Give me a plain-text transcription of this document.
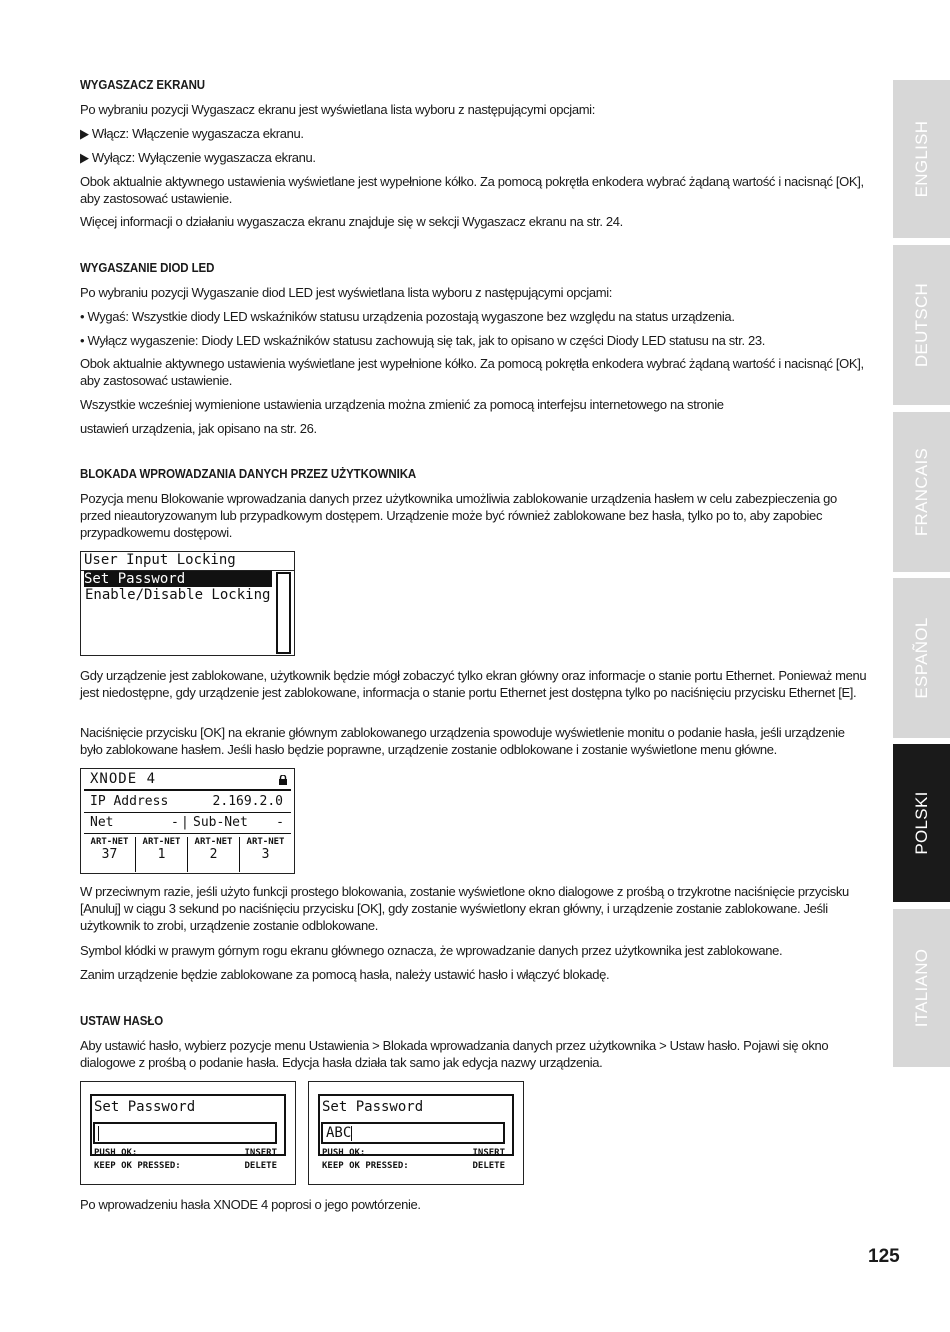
WYGASZACZ EKRANU

Po wybraniu pozycji Wygaszacz ekranu jest wyświetlana lista wyboru z następującymi opcjami:

▶ Włącz: Włączenie wygaszacza ekranu.

▶ Wyłącz: Wyłączenie wygaszacza ekranu.

Obok aktualnie aktywnego ustawienia wyświetlane jest wypełnione kółko. Za pomocą pokrętła enkodera wybrać żądaną wartość i nacisnąć [OK], aby zastosować ustawienie.

Więcej informacji o działaniu wygaszacza ekranu znajduje się w sekcji Wygaszacz ekranu na str. 24.

WYGASZANIE DIOD LED

Po wybraniu pozycji Wygaszanie diod LED jest wyświetlana lista wyboru z następującymi opcjami:

• Wygaś: Wszystkie diody LED wskaźników statusu urządzenia pozostają wygaszone bez względu na status urządzenia.

• Wyłącz wygaszenie: Diody LED wskaźników statusu zachowują się tak, jak to opisano w części Diody LED statusu na str. 23.

Obok aktualnie aktywnego ustawienia wyświetlane jest wypełnione kółko. Za pomocą pokrętła enkodera wybrać żądaną wartość i nacisnąć [OK], aby zastosować ustawienie.

Wszystkie wcześniej wymienione ustawienia urządzenia można zmienić za pomocą interfejsu internetowego na stronie

ustawień urządzenia, jak opisano na str. 26.

BLOKADA WPROWADZANIA DANYCH PRZEZ UŻYTKOWNIKA

Pozycja menu Blokowanie wprowadzania danych przez użytkownika umożliwia zablokowanie urządzenia hasłem w celu zabezpieczenia go przed nieautoryzowanym lub przypadkowym dostępem. Urządzenie może być również zablokowane bez hasła, tylko po to, aby zapobiec przypadkowemu dostępowi.

User Input Locking
Set Password
Enable/Disable Locking

Gdy urządzenie jest zablokowane, użytkownik będzie mógł zobaczyć tylko ekran główny oraz informacje o stanie portu Ethernet. Ponieważ menu jest niedostępne, gdy urządzenie jest zablokowane, informacja o stanie portu Ethernet jest dostępna tylko po naciśnięciu przycisku Ethernet [E].

Naciśnięcie przycisku [OK] na ekranie głównym zablokowanego urządzenia spowoduje wyświetlenie monitu o podanie hasła, jeśli urządzenie było zablokowane hasłem. Jeśli hasło będzie poprawne, urządzenie zostanie odblokowane i zostanie wyświetlone menu główne.

XNODE 4
IP Address	2.169.2.0
Net	- | Sub-Net -
ART-NET
37
ART-NET
1
ART-NET
2
ART-NET
3

W przeciwnym razie, jeśli użyto funkcji prostego blokowania, zostanie wyświetlone okno dialogowe z prośbą o trzykrotne naciśnięcie przycisku [Anuluj] w ciągu 3 sekund po naciśnięciu przycisku [OK], gdy zostanie wyświetlony ekran główny, i urządzenie zostanie zablokowane. Jeśli użytkownik to zrobi, urządzenie zostanie odblokowane.

Symbol kłódki w prawym górnym rogu ekranu głównego oznacza, że wprowadzanie danych przez użytkownika jest zablokowane.

Zanim urządzenie będzie zablokowane za pomocą hasła, należy ustawić hasło i włączyć blokadę.

USTAW HASŁO

Aby ustawić hasło, wybierz pozycje menu Ustawienia > Blokada wprowadzania danych przez użytkownika > Ustaw hasło. Pojawi się okno dialogowe z prośbą o podanie hasła. Edycja hasła działa tak samo jak edycja nazwy urządzenia.

Set Password
PUSH OK:	INSERT
KEEP OK PRESSED:	DELETE
Set Password
ABC
PUSH OK:	INSERT
KEEP OK PRESSED:	DELETE

Po wprowadzeniu hasła XNODE 4 poprosi o jego powtórzenie.

ENGLISH
DEUTSCH
FRANCAIS
ESPAÑOL
POLSKI
ITALIANO
125
